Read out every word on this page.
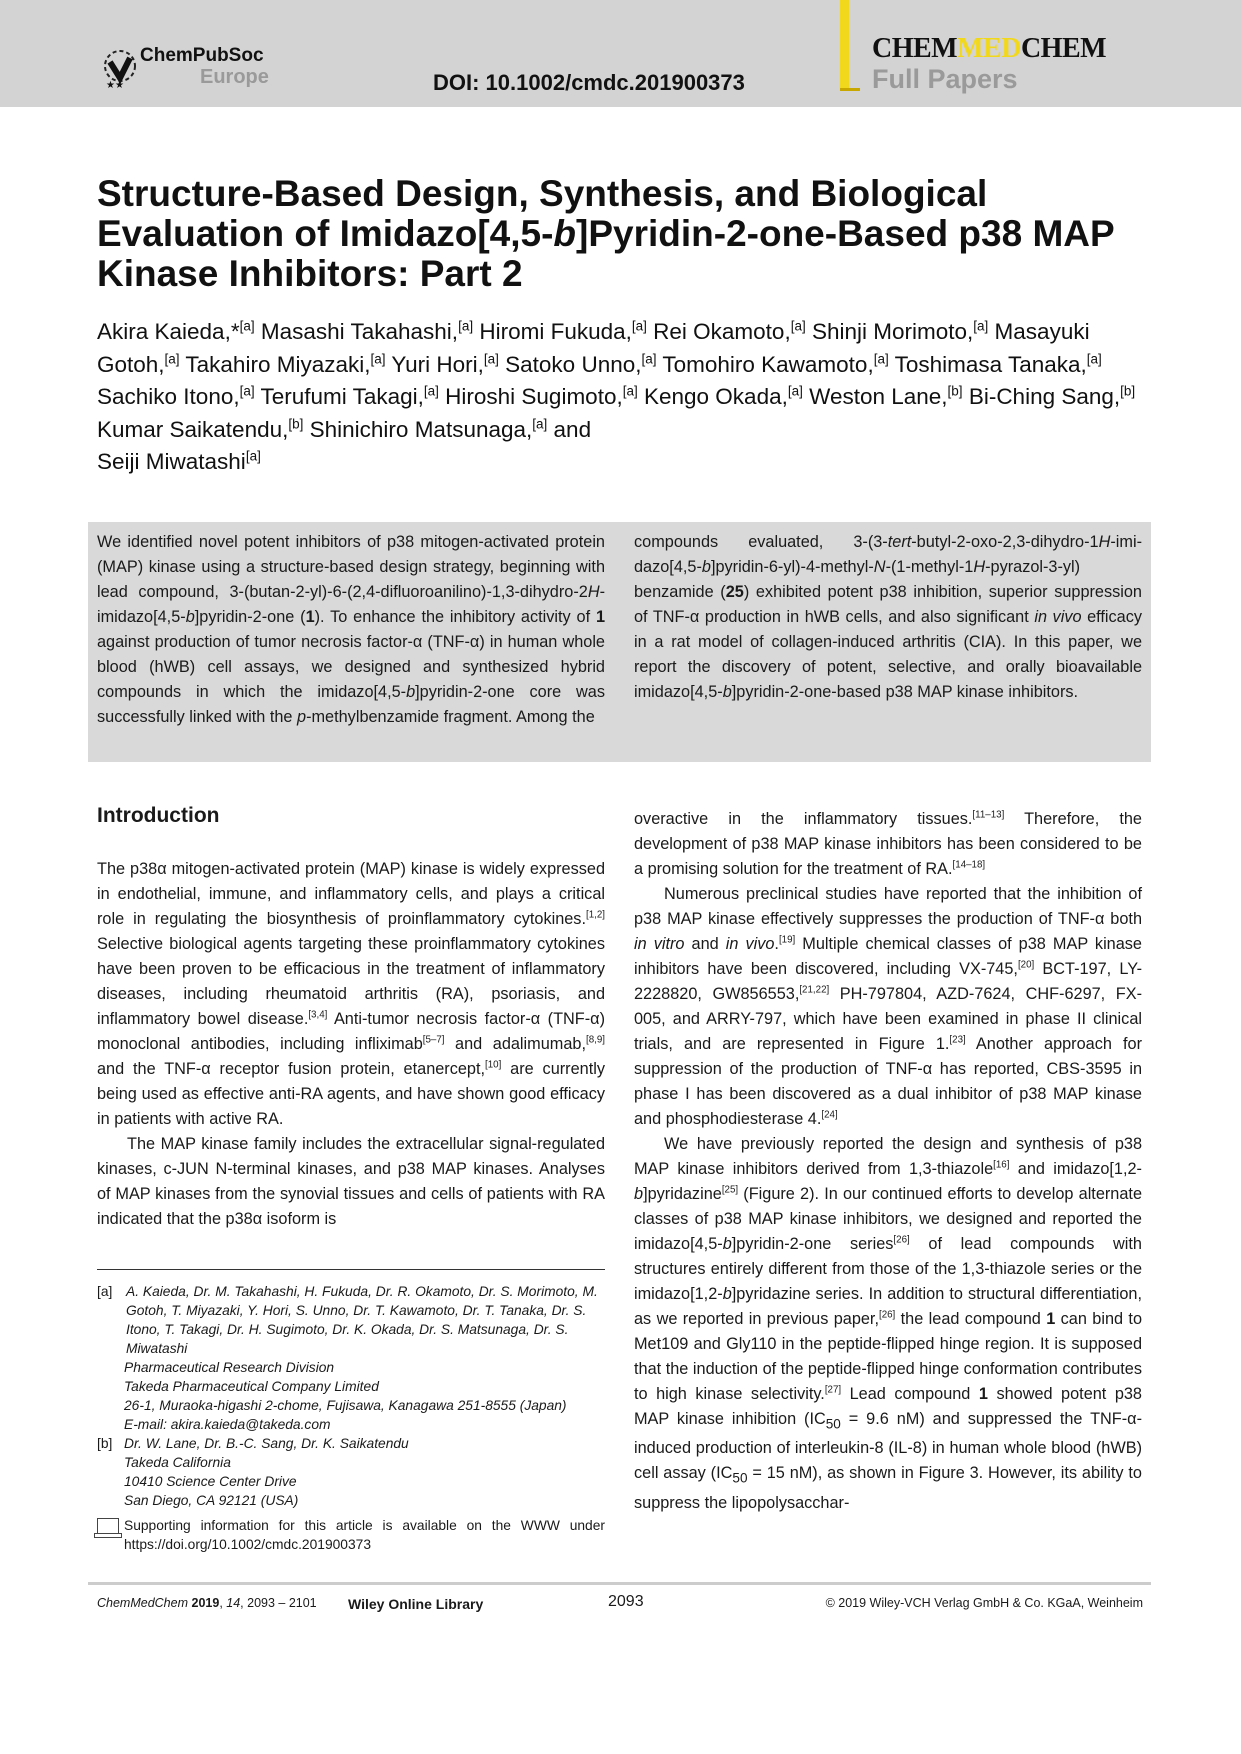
★★
ChemPubSoc
Europe	DOI: 10.1002/cmdc.201900373
CHEMMEDCHEM
Full Papers
Structure-Based Design, Synthesis, and Biological Evaluation of Imidazo[4,5-b]Pyridin-2-one-Based p38 MAP Kinase Inhibitors: Part 2
Akira Kaieda,*[a] Masashi Takahashi,[a] Hiromi Fukuda,[a] Rei Okamoto,[a] Shinji Morimoto,[a] Masayuki Gotoh,[a] Takahiro Miyazaki,[a] Yuri Hori,[a] Satoko Unno,[a] Tomohiro Kawamoto,[a] Toshimasa Tanaka,[a] Sachiko Itono,[a] Terufumi Takagi,[a] Hiroshi Sugimoto,[a] Kengo Okada,[a] Weston Lane,[b] Bi-Ching Sang,[b] Kumar Saikatendu,[b] Shinichiro Matsunaga,[a] and
Seiji Miwatashi[a]
We identified novel potent inhibitors of p38 mitogen-activated protein (MAP) kinase using a structure-based design strategy, beginning with lead compound, 3-(butan-2-yl)-6-(2,4-difluoroanilino)-1,3-dihydro-2H-imidazo[4,5-b]pyridin-2-one (1). To enhance the inhibitory activity of 1 against production of tumor necrosis factor-α (TNF-α) in human whole blood (hWB) cell assays, we designed and synthesized hybrid compounds in which the imidazo[4,5-b]pyridin-2-one core was successfully linked with the p-methylbenzamide fragment. Among the
compounds evaluated, 3-(3-tert-butyl-2-oxo-2,3-dihydro-1H-imidazo[4,5-b]pyridin-6-yl)-4-methyl-N-(1-methyl-1H-pyrazol-3-yl) benzamide (25) exhibited potent p38 inhibition, superior suppression of TNF-α production in hWB cells, and also significant in vivo efficacy in a rat model of collagen-induced arthritis (CIA). In this paper, we report the discovery of potent, selective, and orally bioavailable imidazo[4,5-b]pyridin-2-one-based p38 MAP kinase inhibitors.
Introduction

The p38α mitogen-activated protein (MAP) kinase is widely expressed in endothelial, immune, and inflammatory cells, and plays a critical role in regulating the biosynthesis of proinflammatory cytokines.[1,2] Selective biological agents targeting these proinflammatory cytokines have been proven to be efficacious in the treatment of inflammatory diseases, including rheumatoid arthritis (RA), psoriasis, and inflammatory bowel disease.[3,4] Anti-tumor necrosis factor-α (TNF-α) monoclonal antibodies, including infliximab[5–7] and adalimumab,[8,9] and the TNF-α receptor fusion protein, etanercept,[10] are currently being used as effective anti-RA agents, and have shown good efficacy in patients with active RA.

The MAP kinase family includes the extracellular signal-regulated kinases, c-JUN N-terminal kinases, and p38 MAP kinases. Analyses of MAP kinases from the synovial tissues and cells of patients with RA indicated that the p38α isoform is

overactive in the inflammatory tissues.[11–13] Therefore, the development of p38 MAP kinase inhibitors has been considered to be a promising solution for the treatment of RA.[14–18]

Numerous preclinical studies have reported that the inhibition of p38 MAP kinase effectively suppresses the production of TNF-α both in vitro and in vivo.[19] Multiple chemical classes of p38 MAP kinase inhibitors have been discovered, including VX-745,[20] BCT-197, LY-2228820, GW856553,[21,22] PH-797804, AZD-7624, CHF-6297, FX-005, and ARRY-797, which have been examined in phase II clinical trials, and are represented in Figure 1.[23] Another approach for suppression of the production of TNF-α has reported, CBS-3595 in phase I has been discovered as a dual inhibitor of p38 MAP kinase and phosphodiesterase 4.[24]

We have previously reported the design and synthesis of p38 MAP kinase inhibitors derived from 1,3-thiazole[16] and imidazo[1,2-b]pyridazine[25] (Figure 2). In our continued efforts to develop alternate classes of p38 MAP kinase inhibitors, we designed and reported the imidazo[4,5-b]pyridin-2-one series[26] of lead compounds with structures entirely different from those of the 1,3-thiazole series or the imidazo[1,2-b]pyridazine series. In addition to structural differentiation, as we reported in previous paper,[26] the lead compound 1 can bind to Met109 and Gly110 in the peptide-flipped hinge region. It is supposed that the induction of the peptide-flipped hinge conformation contributes to high kinase selectivity.[27] Lead compound 1 showed potent p38 MAP kinase inhibition ($IC_{50} = 9.6$ nM) and suppressed the TNF-α-induced production of interleukin-8 (IL-8) in human whole blood (hWB) cell assay ($IC_{50} = 15$ nM), as shown in Figure 3. However, its ability to suppress the lipopolysacchar-

[a] A. Kaieda, Dr. M. Takahashi, H. Fukuda, Dr. R. Okamoto, Dr. S. Morimoto, M. Gotoh, T. Miyazaki, Y. Hori, S. Unno, Dr. T. Kawamoto, Dr. T. Tanaka, Dr. S. Itono, T. Takagi, Dr. H. Sugimoto, Dr. K. Okada, Dr. S. Matsunaga, Dr. S. Miwatashi
Pharmaceutical Research Division
Takeda Pharmaceutical Company Limited
26-1, Muraoka-higashi 2-chome, Fujisawa, Kanagawa 251-8555 (Japan)
E-mail: akira.kaieda@takeda.com
[b] Dr. W. Lane, Dr. B.-C. Sang, Dr. K. Saikatendu
Takeda California
10410 Science Center Drive
San Diego, CA 92121 (USA)
Supporting information for this article is available on the WWW under https://doi.org/10.1002/cmdc.201900373
ChemMedChem 2019, 14, 2093 – 2101 Wiley Online Library	2093	© 2019 Wiley-VCH Verlag GmbH & Co. KGaA, Weinheim
